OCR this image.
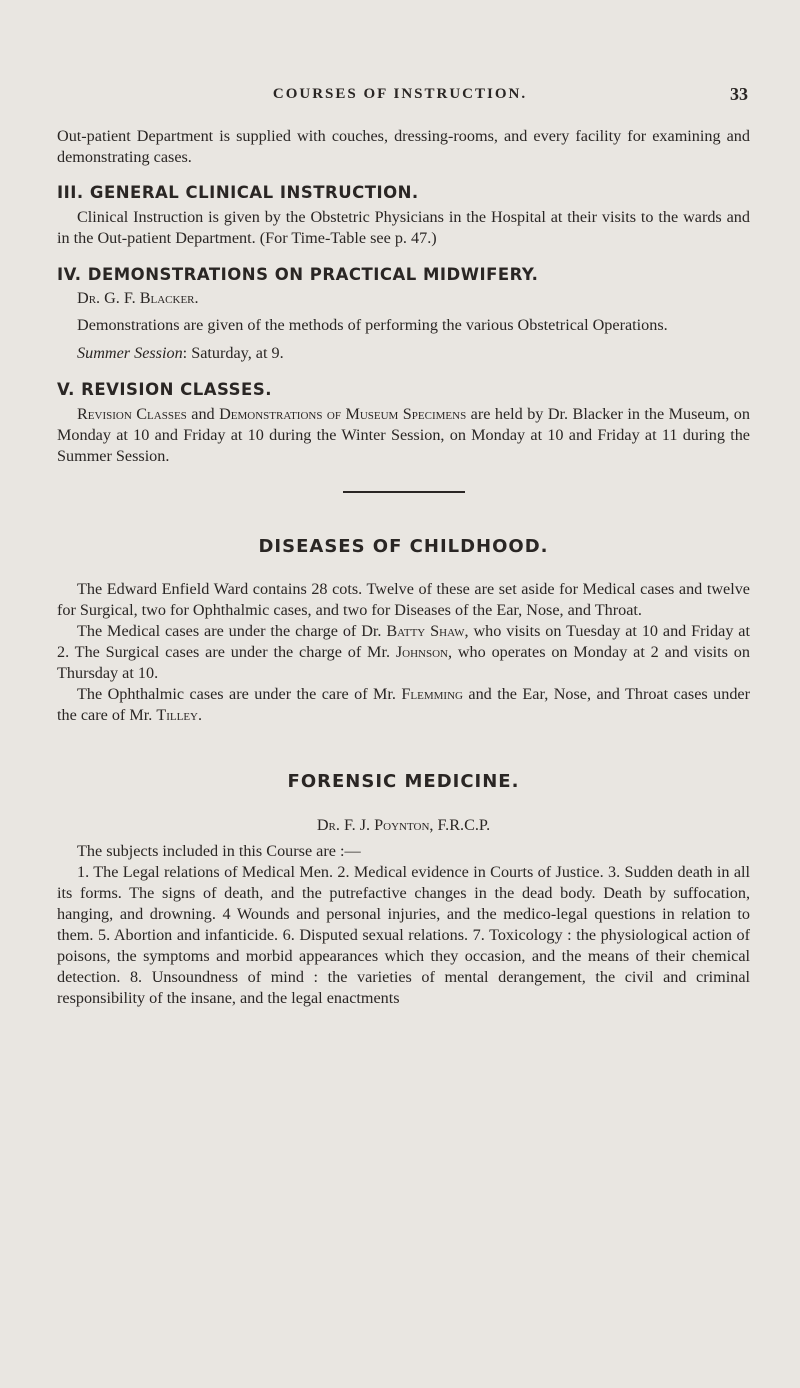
COURSES OF INSTRUCTION.	33

Out-patient Department is supplied with couches, dressing-rooms, and every facility for examining and demonstrating cases.

III. GENERAL CLINICAL INSTRUCTION.

Clinical Instruction is given by the Obstetric Physicians in the Hospital at their visits to the wards and in the Out-patient Department. (For Time-Table see p. 47.)

IV. DEMONSTRATIONS ON PRACTICAL MIDWIFERY.

Dr. G. F. Blacker.

Demonstrations are given of the methods of performing the various Obstetrical Operations.

Summer Session: Saturday, at 9.

V. REVISION CLASSES.

Revision Classes and Demonstrations of Museum Specimens are held by Dr. Blacker in the Museum, on Monday at 10 and Friday at 10 during the Winter Session, on Monday at 10 and Friday at 11 during the Summer Session.

DISEASES OF CHILDHOOD.

The Edward Enfield Ward contains 28 cots. Twelve of these are set aside for Medical cases and twelve for Surgical, two for Ophthalmic cases, and two for Diseases of the Ear, Nose, and Throat.

The Medical cases are under the charge of Dr. Batty Shaw, who visits on Tuesday at 10 and Friday at 2. The Surgical cases are under the charge of Mr. Johnson, who operates on Monday at 2 and visits on Thursday at 10.

The Ophthalmic cases are under the care of Mr. Flemming and the Ear, Nose, and Throat cases under the care of Mr. Tilley.

FORENSIC MEDICINE.

Dr. F. J. Poynton, F.R.C.P.

The subjects included in this Course are :—

1. The Legal relations of Medical Men. 2. Medical evidence in Courts of Justice. 3. Sudden death in all its forms. The signs of death, and the putrefactive changes in the dead body. Death by suffocation, hanging, and drowning. 4 Wounds and personal injuries, and the medico-legal questions in relation to them. 5. Abortion and infanticide. 6. Disputed sexual relations. 7. Toxicology : the physiological action of poisons, the symptoms and morbid appearances which they occasion, and the means of their chemical detection. 8. Unsoundness of mind : the varieties of mental derangement, the civil and criminal responsibility of the insane, and the legal enactments
